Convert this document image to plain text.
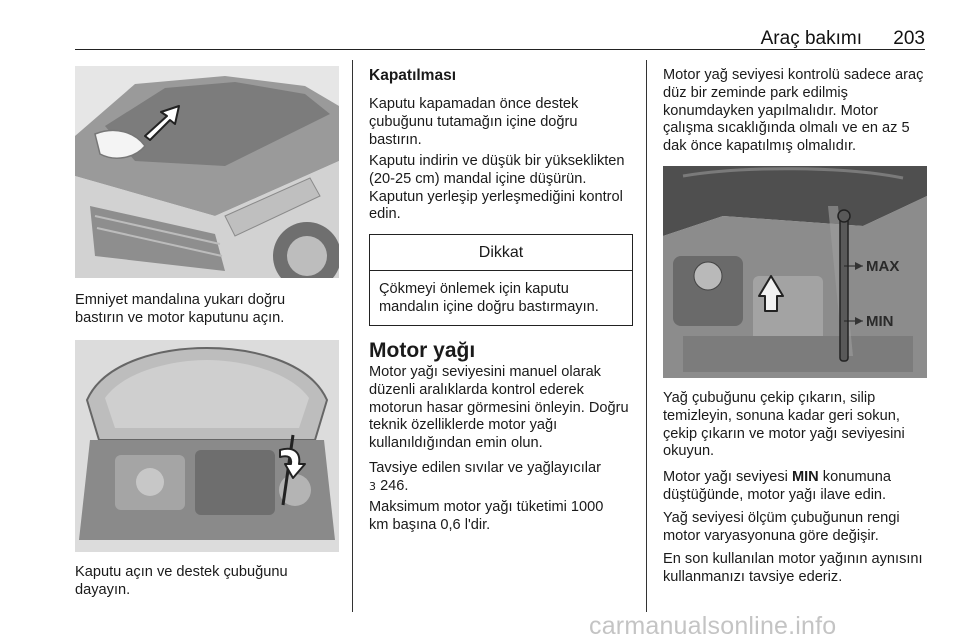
Araç bakımı 203
Emniyet mandalına yukarı doğru bastırın ve motor kaputunu açın.
Kaputu açın ve destek çubuğunu dayayın.
Kapatılması
Kaputu kapamadan önce destek çubuğunu tutamağın içine doğru bastırın.
Kaputu indirin ve düşük bir yükseklikten (20-25 cm) mandal içine düşürün. Kaputun yerleşip yerleşmediğini kontrol edin.
Dikkat
Çökmeyi önlemek için kaputu mandalın içine doğru bastırmayın.
Motor yağı
Motor yağı seviyesini manuel olarak düzenli aralıklarda kontrol ederek motorun hasar görmesini önleyin. Doğru teknik özelliklerde motor yağı kullanıldığından emin olun.
Tavsiye edilen sıvılar ve yağlayıcılar
3 246.
Maksimum motor yağı tüketimi 1000 km başına 0,6 l'dir.
Motor yağ seviyesi kontrolü sadece araç düz bir zeminde park edilmiş konumdayken yapılmalıdır. Motor çalışma sıcaklığında olmalı ve en az 5 dak önce kapatılmış olmalıdır.
MAX
MIN
Yağ çubuğunu çekip çıkarın, silip temizleyin, sonuna kadar geri sokun, çekip çıkarın ve motor yağı seviyesini okuyun.
Motor yağı seviyesi MIN konumuna düştüğünde, motor yağı ilave edin.
Yağ seviyesi ölçüm çubuğunun rengi motor varyasyonuna göre değişir.
En son kullanılan motor yağının aynısını kullanmanızı tavsiye ederiz.
carmanualsonline.info
